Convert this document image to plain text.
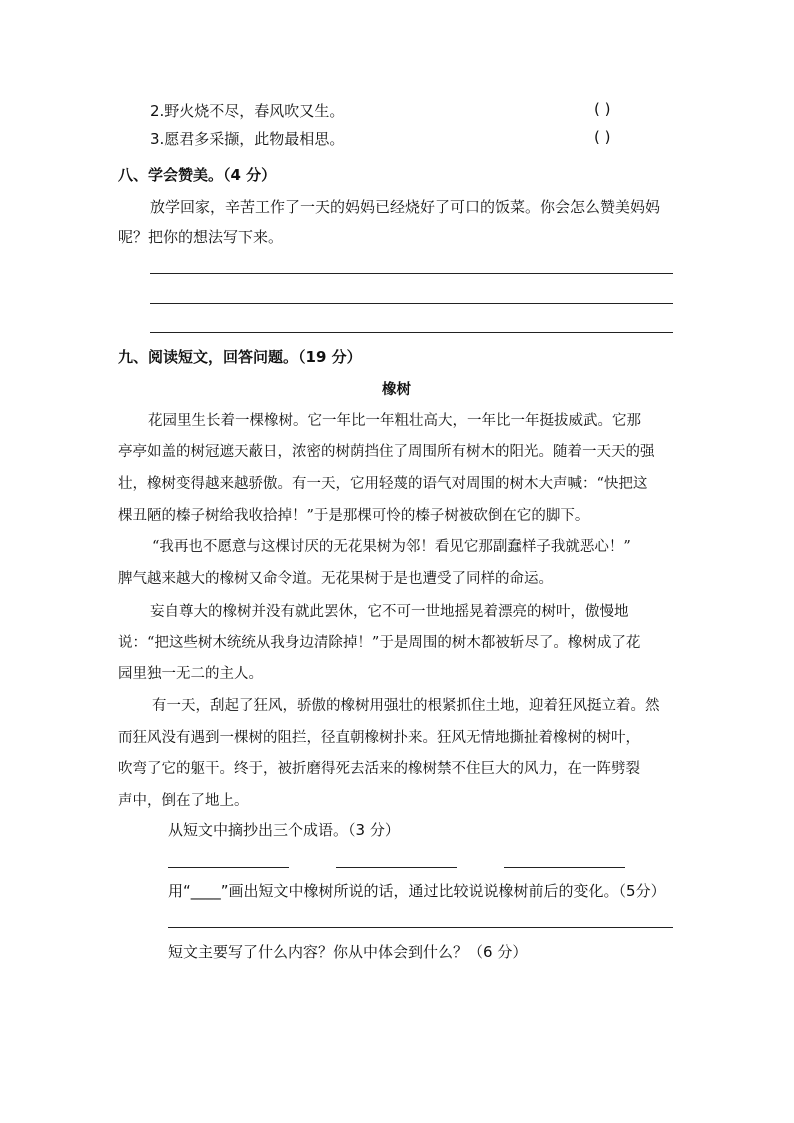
2.野火烧不尽，春风吹又生。	( )
3.愿君多采撷，此物最相思。	( )
八、学会赞美。（4 分）
放学回家，辛苦工作了一天的妈妈已经烧好了可口的饭菜。你会怎么赞美妈妈
呢？把你的想法写下来。
九、阅读短文，回答问题。（19 分）
橡树
花园里生长着一棵橡树。它一年比一年粗壮高大，一年比一年挺拔威武。它那
亭亭如盖的树冠遮天蔽日，浓密的树荫挡住了周围所有树木的阳光。随着一天天的强
壮，橡树变得越来越骄傲。有一天，它用轻蔑的语气对周围的树木大声喊：“快把这
棵丑陋的榛子树给我收拾掉！”于是那棵可怜的榛子树被砍倒在它的脚下。
“我再也不愿意与这棵讨厌的无花果树为邻！看见它那副蠢样子我就恶心！”
脾气越来越大的橡树又命令道。无花果树于是也遭受了同样的命运。
妄自尊大的橡树并没有就此罢休，它不可一世地摇晃着漂亮的树叶，傲慢地
说：“把这些树木统统从我身边清除掉！”于是周围的树木都被斩尽了。橡树成了花
园里独一无二的主人。
有一天，刮起了狂风，骄傲的橡树用强壮的根紧抓住土地，迎着狂风挺立着。然
而狂风没有遇到一棵树的阻拦，径直朝橡树扑来。狂风无情地撕扯着橡树的树叶，
吹弯了它的躯干。终于，被折磨得死去活来的橡树禁不住巨大的风力，在一阵劈裂
声中，倒在了地上。
从短文中摘抄出三个成语。（3 分）
用“____”画出短文中橡树所说的话，通过比较说说橡树前后的变化。（5分）
短文主要写了什么内容？你从中体会到什么？（6 分）
